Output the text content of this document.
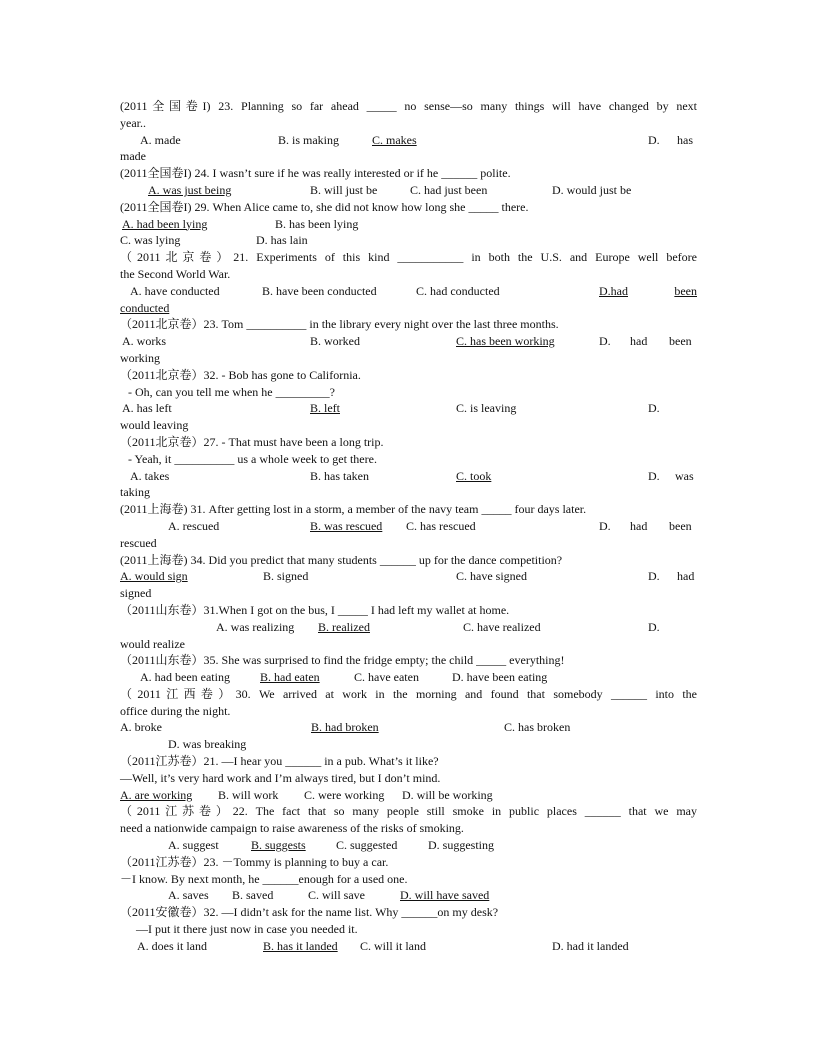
(2011全国卷I) 23. Planning so far ahead _____ no sense—so many things will have changed by next
year..
A. made	B. is making	C. makes	D. has
made
(2011全国卷I) 24. I wasn’t sure if he was really interested or if he ______ polite.
A. was just being	B. will just be	C. had just been	D. would just be
(2011全国卷I) 29. When Alice came to, she did not know how long she _____ there.
A. had been lying	B. has been lying
C. was lying	D. has lain
（2011北京卷）21. Experiments of this kind ___________ in both the U.S. and Europe well before
the Second World War.
A. have conducted	B. have been conducted	C. had conducted	D.had	been
conducted
（2011北京卷）23. Tom __________ in the library every night over the last three months.
A. works	B. worked	C. has been working	D. had been
working
（2011北京卷）32. - Bob has gone to California.
- Oh, can you tell me when he _________?
A. has left	B. left	C. is leaving	D.
would leaving
（2011北京卷）27. - That must have been a long trip.
- Yeah, it __________ us a whole week to get there.
A. takes	B. has taken	C. took	D. was
taking
(2011上海卷) 31. After getting lost in a storm, a member of the navy team _____ four days later.
A. rescued	B. was rescued C. has rescued	D. had been
rescued
(2011上海卷) 34. Did you predict that many students ______ up for the dance competition?
A. would sign	B. signed	C. have signed	D. had
signed
（2011山东卷）31.When I got on the bus, I _____ I had left my wallet at home.
A. was realizing B. realized	C. have realized	D.
would realize
（2011山东卷）35. She was surprised to find the fridge empty; the child _____ everything!
A. had been eating	B. had eaten	C. have eaten	D. have been eating
（2011江西卷）30. We arrived at work in the morning and found that somebody ______ into the
office during the night.
A. broke	B. had broken	C. has broken
D. was breaking
（2011江苏卷）21. —I hear you ______ in a pub. What’s it like?
—Well, it’s very hard work and I’m always tired, but I don’t mind.
A. are working B. will work C. were working D. will be working
（2011江苏卷）22. The fact that so many people still smoke in public places ______ that we may
need a nationwide campaign to raise awareness of the risks of smoking.
A. suggest	B. suggests	C. suggested	D. suggesting
（2011江苏卷）23. －Tommy is planning to buy a car.
－I know. By next month, he ______enough for a used one.
A. saves B. saved	C. will save	D. will have saved
（2011安徽卷）32. —I didn’t ask for the name list. Why ______on my desk?
—I put it there just now in case you needed it.
A. does it land	B. has it landed C. will it land	D. had it landed
